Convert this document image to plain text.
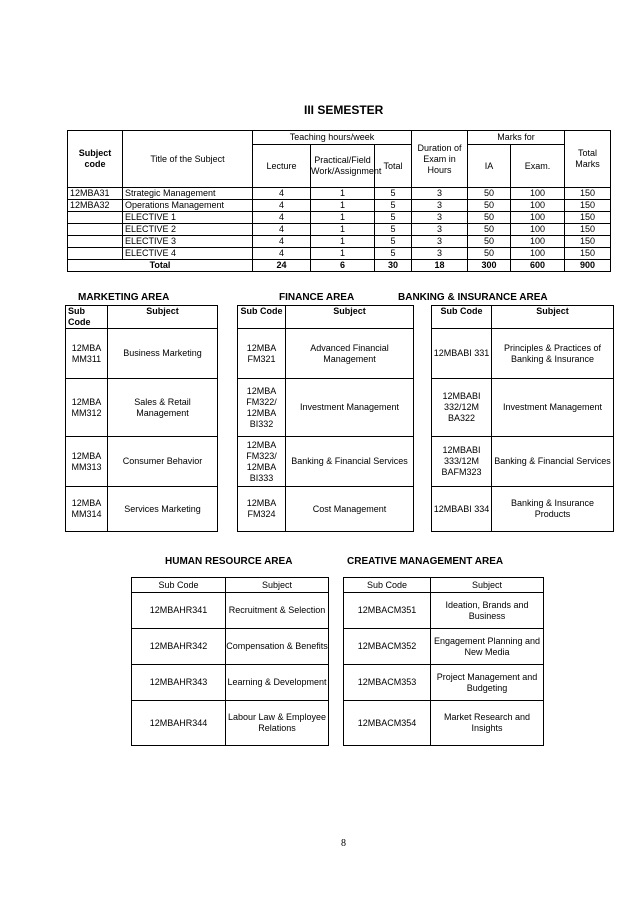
III SEMESTER
Subject code	Title of the Subject	Teaching hours/week			Duration of Exam in Hours	Marks for		Total Marks
		Lecture	Practical/Field Work/Assignment	Total		IA	Exam.	
12MBA31	Strategic Management	4	1	5	3	50	100	150
12MBA32	Operations Management	4	1	5	3	50	100	150
	ELECTIVE 1	4	1	5	3	50	100	150
	ELECTIVE 2	4	1	5	3	50	100	150
	ELECTIVE 3	4	1	5	3	50	100	150
	ELECTIVE 4	4	1	5	3	50	100	150
Total		24	6	30	18	300	600	900
MARKETING AREA	FINANCE AREA	BANKING & INSURANCE AREA
Sub Code	Subject		Sub Code	Subject		Sub Code	Subject
12MBA MM311	Business Marketing		12MBA FM321	Advanced Financial Management		12MBABI 331	Principles & Practices of Banking & Insurance
12MBA MM312	Sales & Retail Management		12MBA FM322/ 12MBA BI332	Investment Management		12MBABI 332/12M BA322	Investment Management
12MBA MM313	Consumer Behavior		12MBA FM323/ 12MBA BI333	Banking & Financial Services		12MBABI 333/12M BAFM323	Banking & Financial Services
12MBA MM314	Services Marketing		12MBA FM324	Cost Management		12MBABI 334	Banking & Insurance Products
HUMAN RESOURCE AREA	CREATIVE MANAGEMENT AREA
Sub Code	Subject
12MBAHR341	Recruitment & Selection
12MBAHR342	Compensation & Benefits
12MBAHR343	Learning & Development
12MBAHR344	Labour Law & Employee Relations
Sub Code	Subject
12MBACM351	Ideation, Brands and Business
12MBACM352	Engagement Planning and New Media
12MBACM353	Project Management and Budgeting
12MBACM354	Market Research and Insights
8
